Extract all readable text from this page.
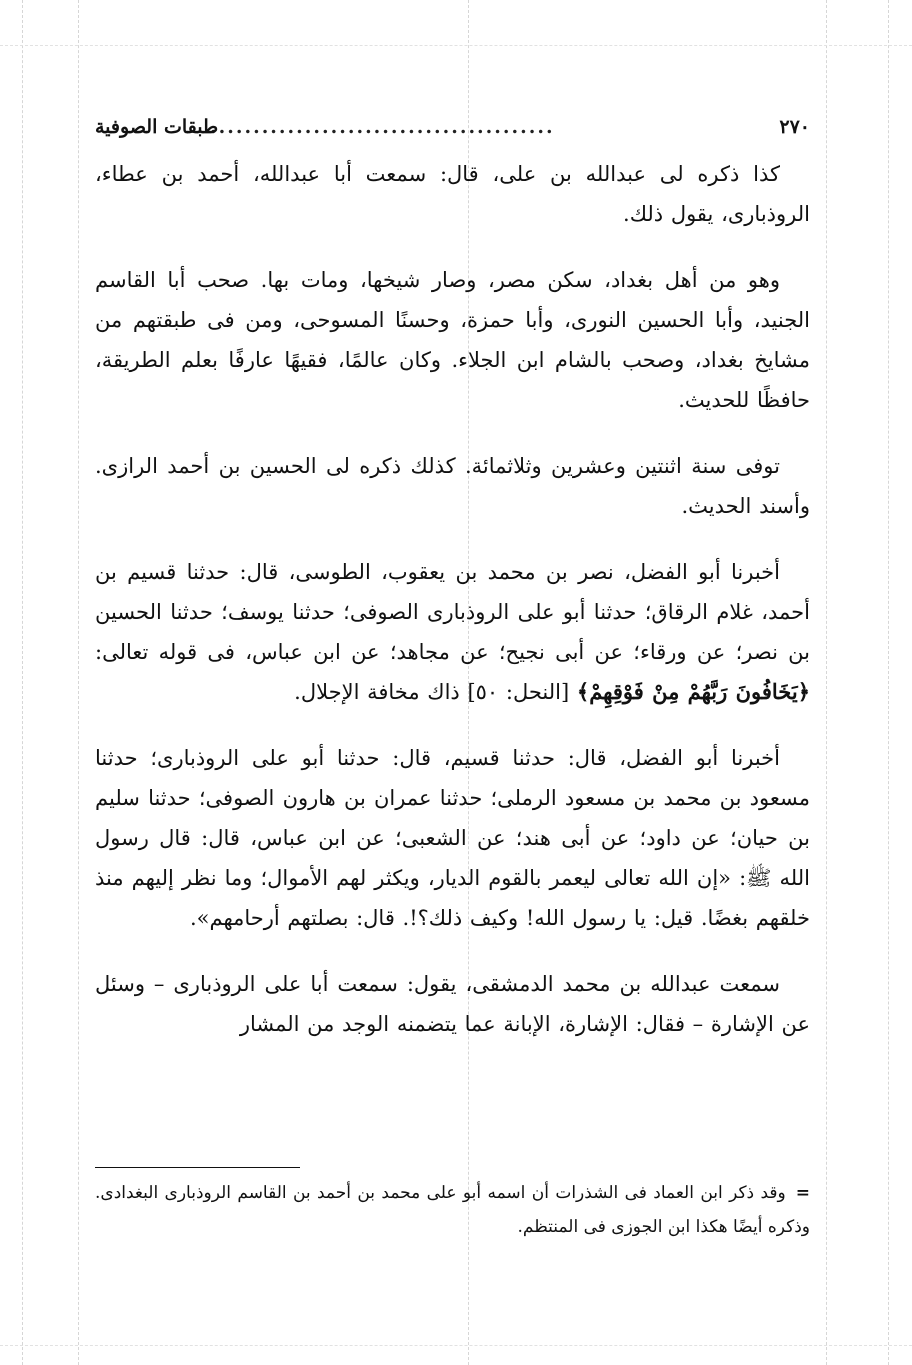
٢٧٠
........................................
طبقات الصوفية

كذا ذكره لى عبدالله بن على، قال: سمعت أبا عبدالله، أحمد بن عطاء، الروذبارى، يقول ذلك.

وهو من أهل بغداد، سكن مصر، وصار شيخها، ومات بها. صحب أبا القاسم الجنيد، وأبا الحسين النورى، وأبا حمزة، وحسنًا المسوحى، ومن فى طبقتهم من مشايخ بغداد، وصحب بالشام ابن الجلاء. وكان عالمًا، فقيهًا عارفًا بعلم الطريقة، حافظًا للحديث.

توفى سنة اثنتين وعشرين وثلاثمائة. كذلك ذكره لى الحسين بن أحمد الرازى. وأسند الحديث.

أخبرنا أبو الفضل، نصر بن محمد بن يعقوب، الطوسى، قال: حدثنا قسيم بن أحمد، غلام الرقاق؛ حدثنا أبو على الروذبارى الصوفى؛ حدثنا يوسف؛ حدثنا الحسين بن نصر؛ عن ورقاء؛ عن أبى نجيح؛ عن مجاهد؛ عن ابن عباس، فى قوله تعالى: ﴿يَخَافُونَ رَبَّهُمْ مِنْ فَوْقِهِمْ﴾ [النحل: ٥٠] ذاك مخافة الإجلال.

أخبرنا أبو الفضل، قال: حدثنا قسيم، قال: حدثنا أبو على الروذبارى؛ حدثنا مسعود بن محمد بن مسعود الرملى؛ حدثنا عمران بن هارون الصوفى؛ حدثنا سليم بن حيان؛ عن داود؛ عن أبى هند؛ عن الشعبى؛ عن ابن عباس، قال: قال رسول الله ﷺ: «إن الله تعالى ليعمر بالقوم الديار، ويكثر لهم الأموال؛ وما نظر إليهم منذ خلقهم بغضًا. قيل: يا رسول الله! وكيف ذلك؟!. قال: بصلتهم أرحامهم».

سمعت عبدالله بن محمد الدمشقى، يقول: سمعت أبا على الروذبارى – وسئل عن الإشارة – فقال: الإشارة، الإبانة عما يتضمنه الوجد من المشار

=وقد ذكر ابن العماد فى الشذرات أن اسمه أبو على محمد بن أحمد بن القاسم الروذبارى البغدادى. وذكره أيضًا هكذا ابن الجوزى فى المنتظم.
